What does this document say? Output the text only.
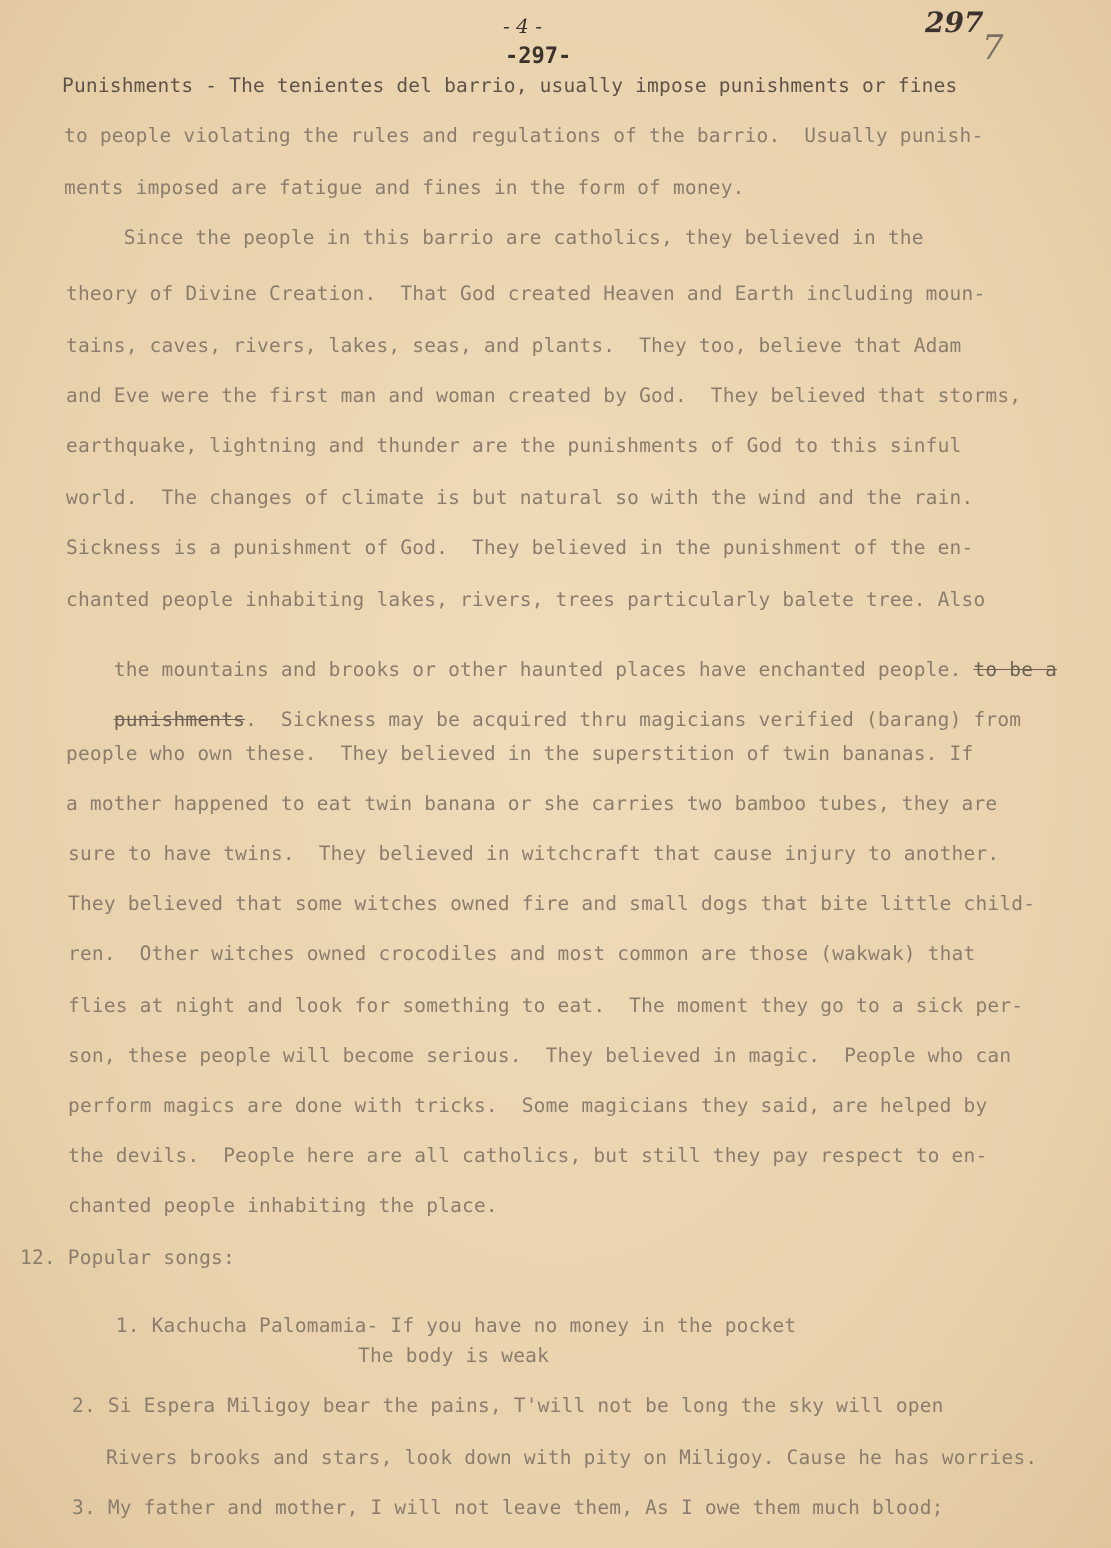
- 4 -
-297-
297
7
Punishments - The tenientes del barrio, usually impose punishments or fines
to people violating the rules and regulations of the barrio.  Usually punish-
ments imposed are fatigue and fines in the form of money.
Since the people in this barrio are catholics, they believed in the
theory of Divine Creation.  That God created Heaven and Earth including moun-
tains, caves, rivers, lakes, seas, and plants.  They too, believe that Adam
and Eve were the first man and woman created by God.  They believed that storms,
earthquake, lightning and thunder are the punishments of God to this sinful
world.  The changes of climate is but natural so with the wind and the rain.
Sickness is a punishment of God.  They believed in the punishment of the en-
chanted people inhabiting lakes, rivers, trees particularly balete tree. Also

the mountains and brooks or other haunted places have enchanted people. to be a

punishments.  Sickness may be acquired thru magicians verified (barang) from

people who own these.  They believed in the superstition of twin bananas. If
a mother happened to eat twin banana or she carries two bamboo tubes, they are
sure to have twins.  They believed in witchcraft that cause injury to another.
They believed that some witches owned fire and small dogs that bite little child-
ren.  Other witches owned crocodiles and most common are those (wakwak) that
flies at night and look for something to eat.  The moment they go to a sick per-
son, these people will become serious.  They believed in magic.  People who can
perform magics are done with tricks.  Some magicians they said, are helped by
the devils.  People here are all catholics, but still they pay respect to en-
chanted people inhabiting the place.
12. Popular songs:

1. Kachucha Palomamia- If you have no money in the pocket

The body is weak
2. Si Espera Miligoy bear the pains, T'will not be long the sky will open
Rivers brooks and stars, look down with pity on Miligoy. Cause he has worries.
3. My father and mother, I will not leave them, As I owe them much blood;
